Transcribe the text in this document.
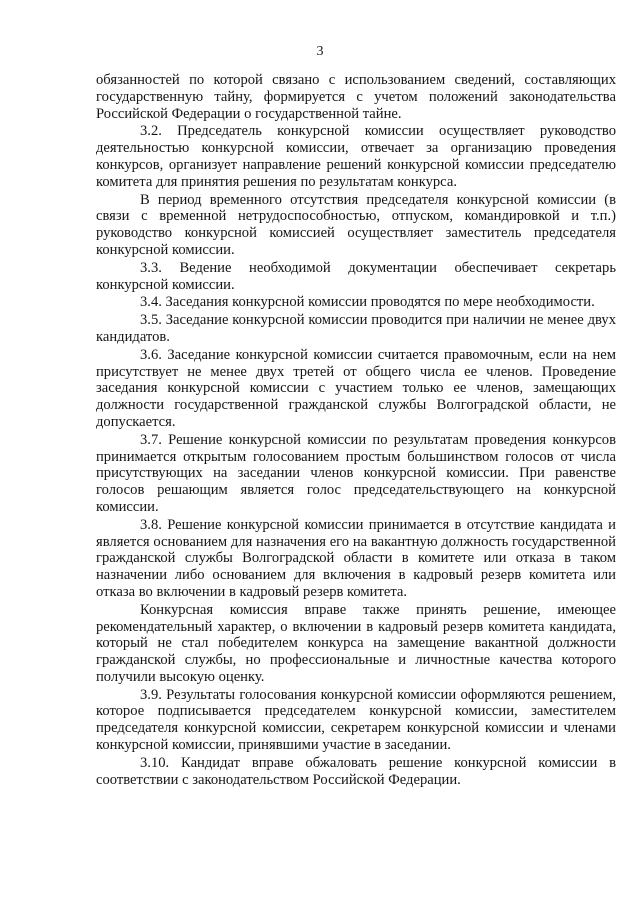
3

обязанностей по которой связано с использованием сведений, составляющих государственную тайну, формируется с учетом положений законодательства Российской Федерации о государственной тайне.

3.2. Председатель конкурсной комиссии осуществляет руководство деятельностью конкурсной комиссии, отвечает за организацию проведения конкурсов, организует направление решений конкурсной комиссии председателю комитета для принятия решения по результатам конкурса.

В период временного отсутствия председателя конкурсной комиссии (в связи с временной нетрудоспособностью, отпуском, командировкой и т.п.) руководство конкурсной комиссией осуществляет заместитель председателя конкурсной комиссии.

3.3. Ведение необходимой документации обеспечивает секретарь конкурсной комиссии.

3.4. Заседания конкурсной комиссии проводятся по мере необходимости.

3.5. Заседание конкурсной комиссии проводится при наличии не менее двух кандидатов.

3.6. Заседание конкурсной комиссии считается правомочным, если на нем присутствует не менее двух третей от общего числа ее членов. Проведение заседания конкурсной комиссии с участием только ее членов, замещающих должности государственной гражданской службы Волгоградской области, не допускается.

3.7. Решение конкурсной комиссии по результатам проведения конкурсов принимается открытым голосованием простым большинством голосов от числа присутствующих на заседании членов конкурсной комиссии. При равенстве голосов решающим является голос председательствующего на конкурсной комиссии.

3.8. Решение конкурсной комиссии принимается в отсутствие кандидата и является основанием для назначения его на вакантную должность государственной гражданской службы Волгоградской области в комитете или отказа в таком назначении либо основанием для включения в кадровый резерв комитета или отказа во включении в кадровый резерв комитета.

Конкурсная комиссия вправе также принять решение, имеющее рекомендательный характер, о включении в кадровый резерв комитета кандидата, который не стал победителем конкурса на замещение вакантной должности гражданской службы, но профессиональные и личностные качества которого получили высокую оценку.

3.9. Результаты голосования конкурсной комиссии оформляются решением, которое подписывается председателем конкурсной комиссии, заместителем председателя конкурсной комиссии, секретарем конкурсной комиссии и членами конкурсной комиссии, принявшими участие в заседании.

3.10. Кандидат вправе обжаловать решение конкурсной комиссии в соответствии с законодательством Российской Федерации.
